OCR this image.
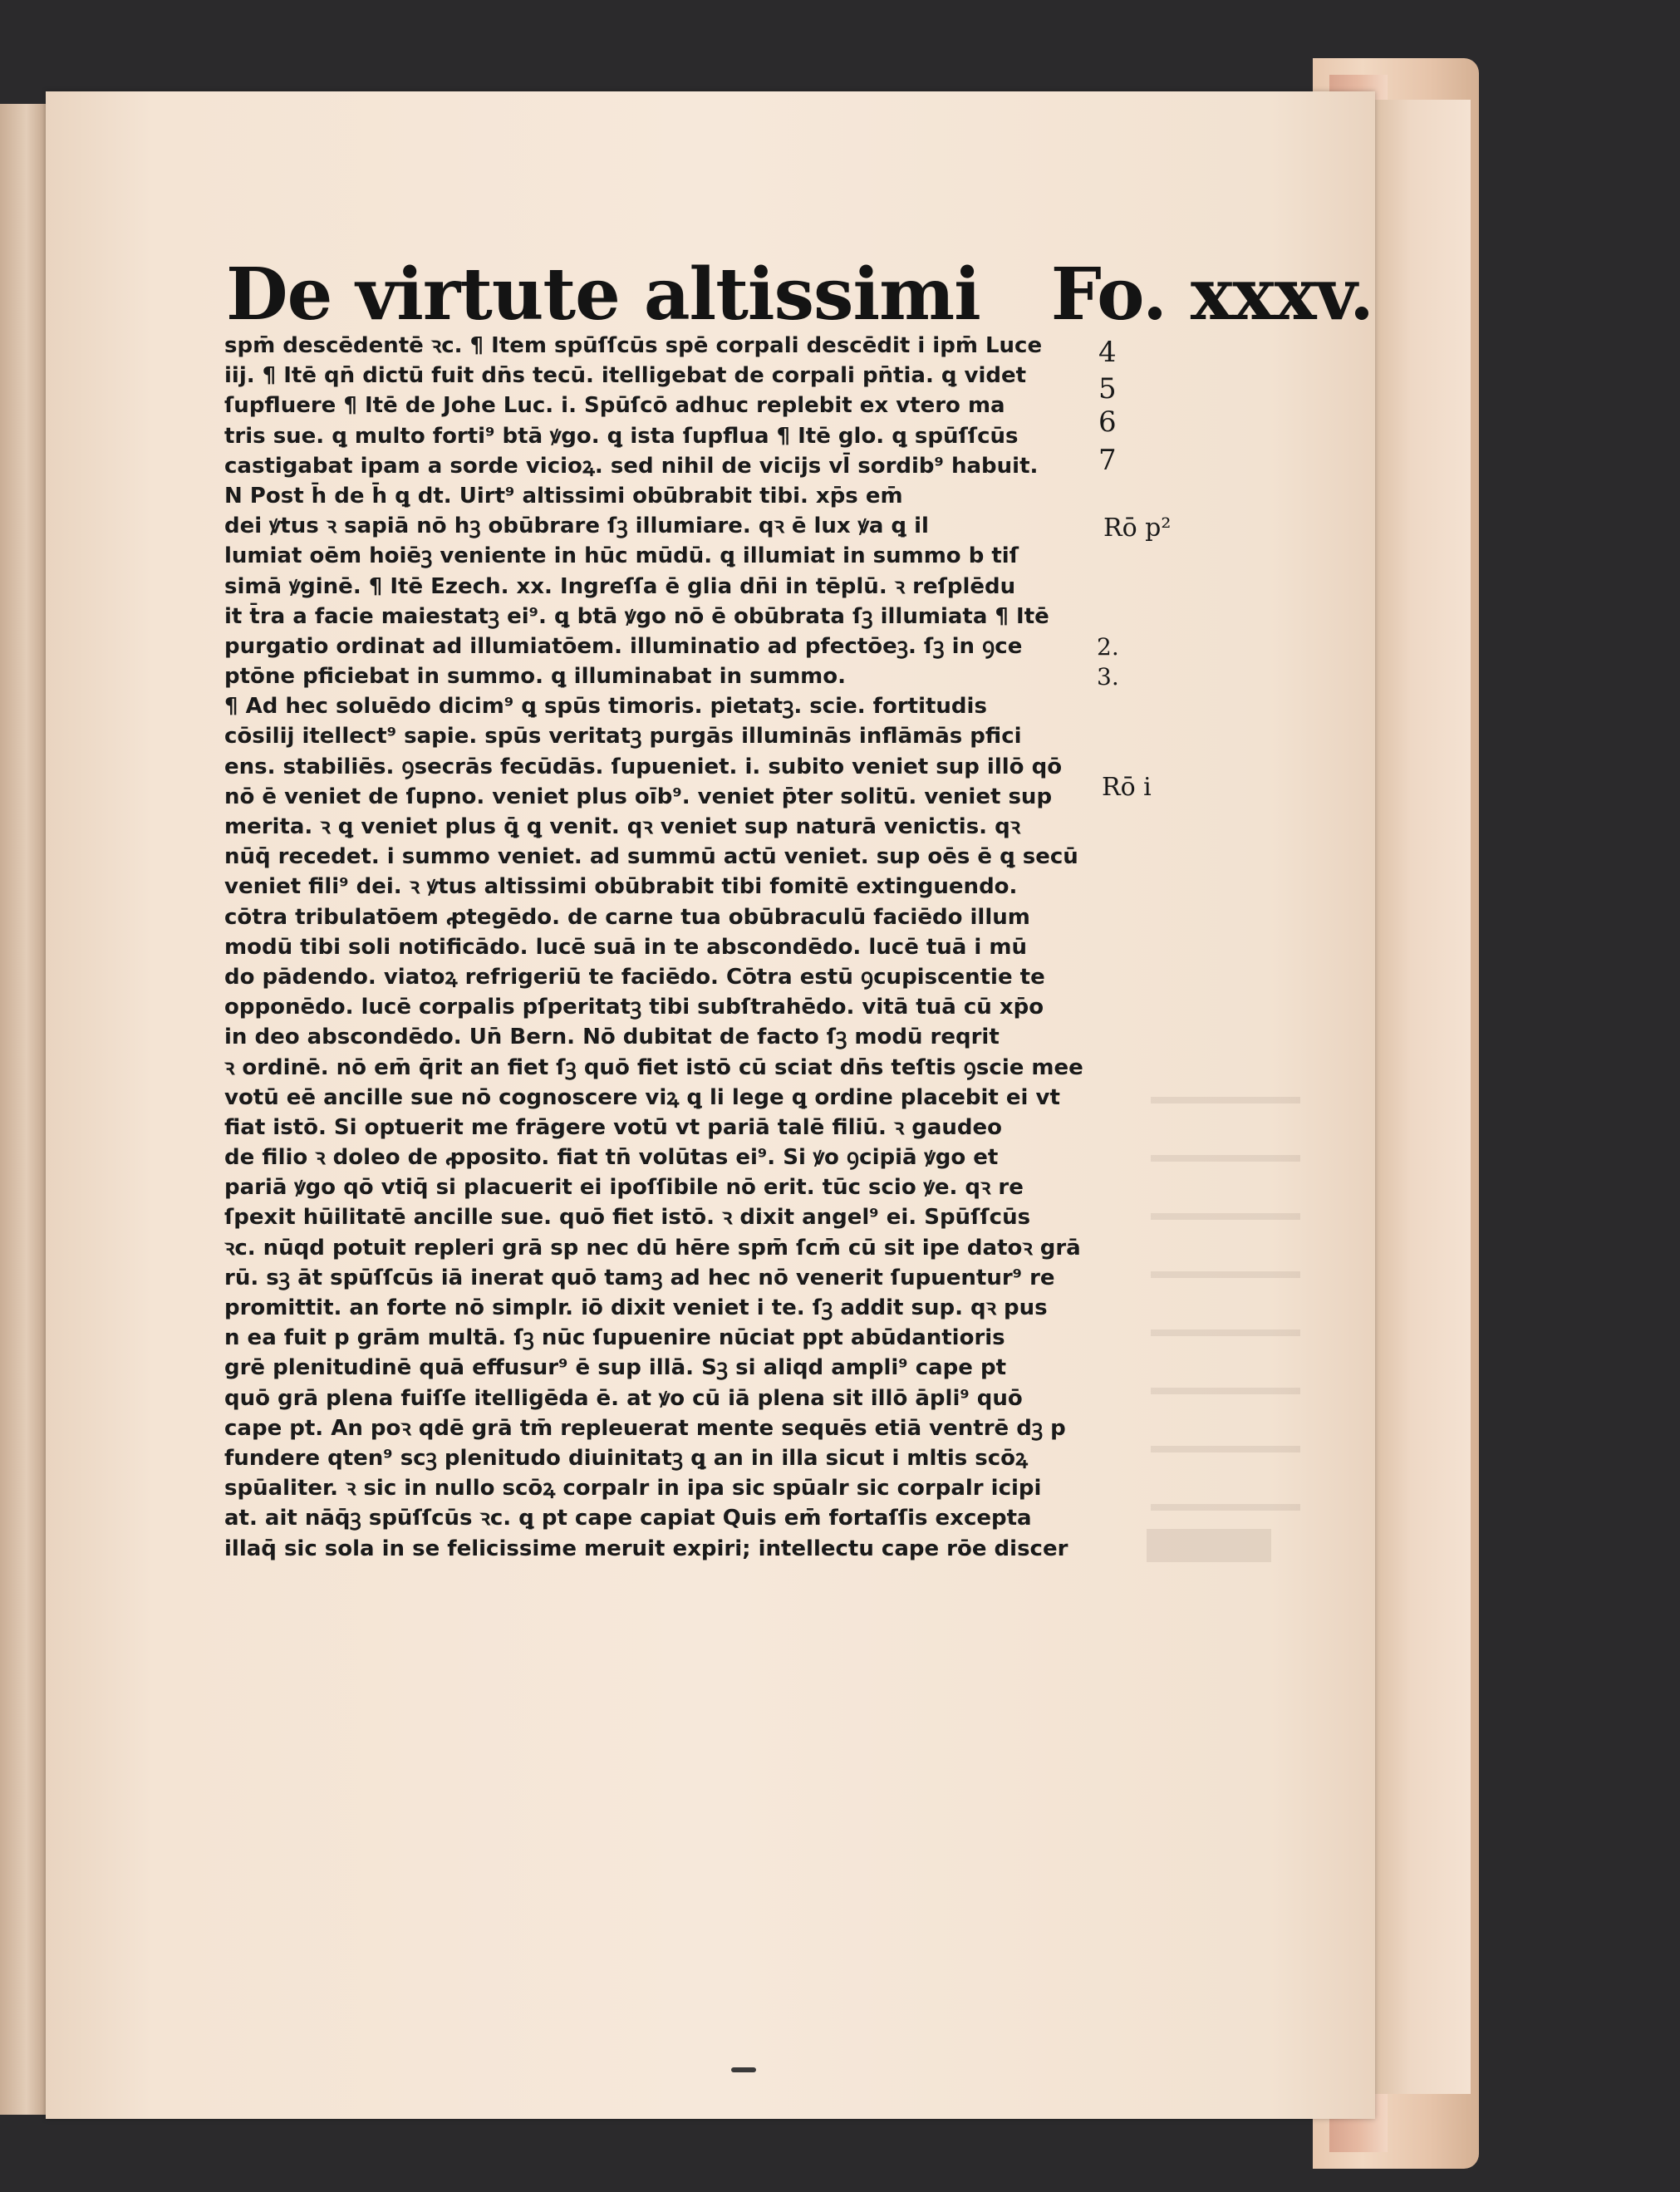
De virtute altissimi Fo. xxxv.
spm̄ descēdentē ꝛc. ¶ Item spūſſcūs spē corpali descēdit i ipm̄ Luce
iij. ¶ Itē qn̄ dictū fuit dn̄s tecū. itelligebat de corpali pn̄tia. ꝗ videt
ſupfluere ¶ Itē de Johe Luc. i. Spūſcō adhuc replebit ex vtero ma
tris sue. ꝗ multo forti⁹ btā ꝟgo. ꝗ ista ſupflua ¶ Itē glo. ꝗ spūſſcūs
castigabat ipam a sorde vicioꝝ. sed nihil de vicijs vl̄ sordib⁹ habuit.
N Post h̄ de h̄ ꝗ dt. Uirt⁹ altissimi obūbrabit tibi. xp̄s em̄
dei ꝟtus ꝛ sapiā nō hꝫ obūbrare ſꝫ illumiare. qꝛ ē lux ꝟa ꝗ il
lumiat oēm hoiēꝫ veniente in hūc mūdū. ꝗ illumiat in summo b tiſ
simā ꝟginē. ¶ Itē Ezech. xx. Ingreſſa ē glia dn̄i in tēplū. ꝛ reſplēdu
it t̄ra a facie maiestatꝫ ei⁹. ꝗ btā ꝟgo nō ē obūbrata ſꝫ illumiata ¶ Itē
purgatio ordinat ad illumiatōem. illuminatio ad pfectōeꝫ. ſꝫ in ꝯce
ptōne pficiebat in summo. ꝗ illuminabat in summo.
¶ Ad hec soluēdo dicim⁹ ꝗ spūs timoris. pietatꝫ. scie. fortitudis
cōsilij itellect⁹ sapie. spūs veritatꝫ purgās illuminās inflāmās pfici
ens. stabiliēs. ꝯsecrās fecūdās. ſupueniet. i. subito veniet sup illō qō
nō ē veniet de ſupno. veniet plus oīb⁹. veniet p̄ter solitū. veniet sup
merita. ꝛ ꝗ veniet plus ꝗ̄ ꝗ venit. qꝛ veniet sup naturā venictis. qꝛ
nūq̄ recedet. i summo veniet. ad summū actū veniet. sup oēs ē ꝗ secū
veniet fili⁹ dei. ꝛ ꝟtus altissimi obūbrabit tibi fomitē extinguendo.
cōtra tribulatōem ꝓtegēdo. de carne tua obūbraculū faciēdo illum
modū tibi soli notificādo. lucē suā in te abscondēdo. lucē tuā i mū
do pādendo. viatoꝝ refrigeriū te faciēdo. Cōtra estū ꝯcupiscentie te
opponēdo. lucē corpalis pſperitatꝫ tibi subſtrahēdo. vitā tuā cū xp̄o
in deo abscondēdo. Un̄ Bern. Nō dubitat de facto ſꝫ modū reqrit
ꝛ ordinē. nō em̄ q̄rit an fiet ſꝫ quō fiet istō cū sciat dn̄s teſtis ꝯscie mee
votū eē ancille sue nō cognoscere viꝝ ꝗ li lege ꝗ ordine placebit ei vt
fiat istō. Si optuerit me frāgere votū vt pariā talē filiū. ꝛ gaudeo
de filio ꝛ doleo de ꝓposito. fiat tn̄ volūtas ei⁹. Si ꝟo ꝯcipiā ꝟgo et
pariā ꝟgo qō vtiq̄ si placuerit ei ipoſſibile nō erit. tūc scio ꝟe. qꝛ re
ſpexit hūilitatē ancille sue. quō fiet istō. ꝛ dixit angel⁹ ei. Spūſſcūs
ꝛc. nūqd potuit repleri grā sp nec dū hēre spm̄ ſcm̄ cū sit ipe datoꝛ grā
rū. sꝫ āt spūſſcūs iā inerat quō tamꝫ ad hec nō venerit ſupuentur⁹ re
promittit. an forte nō simplr. iō dixit veniet i te. ſꝫ addit sup. qꝛ pus
n ea fuit p grām multā. ſꝫ nūc ſupuenire nūciat ppt abūdantioris
grē plenitudinē quā effusur⁹ ē sup illā. Sꝫ si aliqd ampli⁹ cape pt
quō grā plena fuiſſe itelligēda ē. at ꝟo cū iā plena sit illō āpli⁹ quō
cape pt. An poꝛ qdē grā tm̄ repleuerat mente sequēs etiā ventrē dꝫ p
fundere qten⁹ scꝫ plenitudo diuinitatꝫ ꝗ an in illa sicut i mltis scōꝝ
spūaliter. ꝛ sic in nullo scōꝝ corpalr in ipa sic spūalr sic corpalr icipi
at. ait nāq̄ꝫ spūſſcūs ꝛc. ꝗ pt cape capiat Quis em̄ fortaſſis excepta
illaq̄ sic sola in se felicissime meruit expiri; intellectu cape rōe discer
4
5
6
7
Rō p²
2.
3.
Rō i
